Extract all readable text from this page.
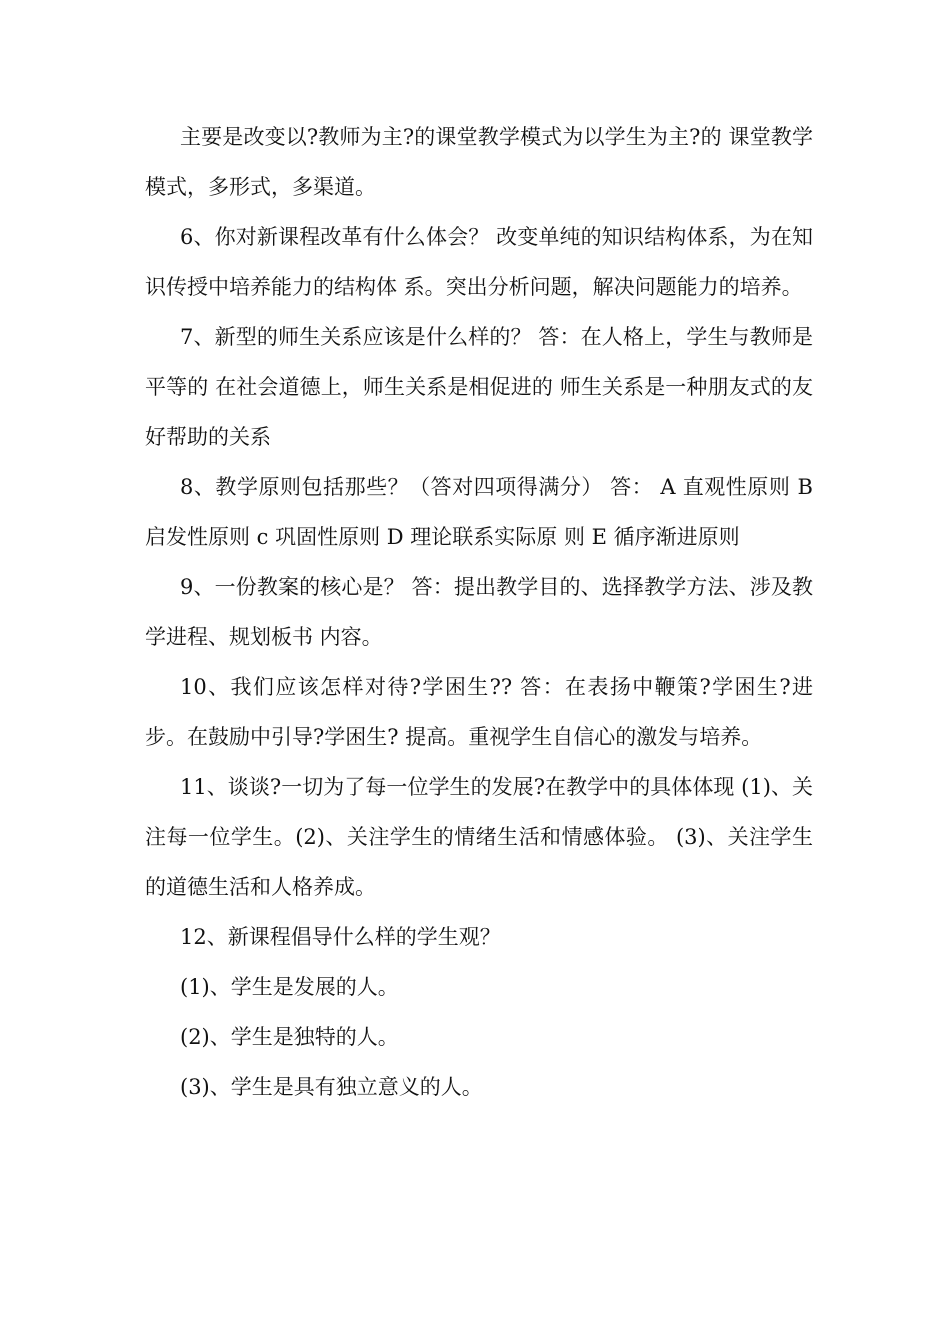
主要是改变以?教师为主?的课堂教学模式为以学生为主?的 课堂教学模式，多形式，多渠道。

6、你对新课程改革有什么体会？ 改变单纯的知识结构体系，为在知识传授中培养能力的结构体 系。突出分析问题，解决问题能力的培养。

7、新型的师生关系应该是什么样的？ 答：在人格上，学生与教师是平等的 在社会道德上，师生关系是相促进的 师生关系是一种朋友式的友好帮助的关系

8、教学原则包括那些？（答对四项得满分） 答： A 直观性原则 B 启发性原则 c 巩固性原则 D 理论联系实际原 则 E 循序渐进原则

9、一份教案的核心是？ 答：提出教学目的、选择教学方法、涉及教学进程、规划板书 内容。

10、我们应该怎样对待?学困生?? 答：在表扬中鞭策?学困生?进步。在鼓励中引导?学困生? 提高。重视学生自信心的激发与培养。

11、谈谈?一切为了每一位学生的发展?在教学中的具体体现 (1)、关注每一位学生。(2)、关注学生的情绪生活和情感体验。 (3)、关注学生的道德生活和人格养成。

12、新课程倡导什么样的学生观？

(1)、学生是发展的人。

(2)、学生是独特的人。

(3)、学生是具有独立意义的人。
